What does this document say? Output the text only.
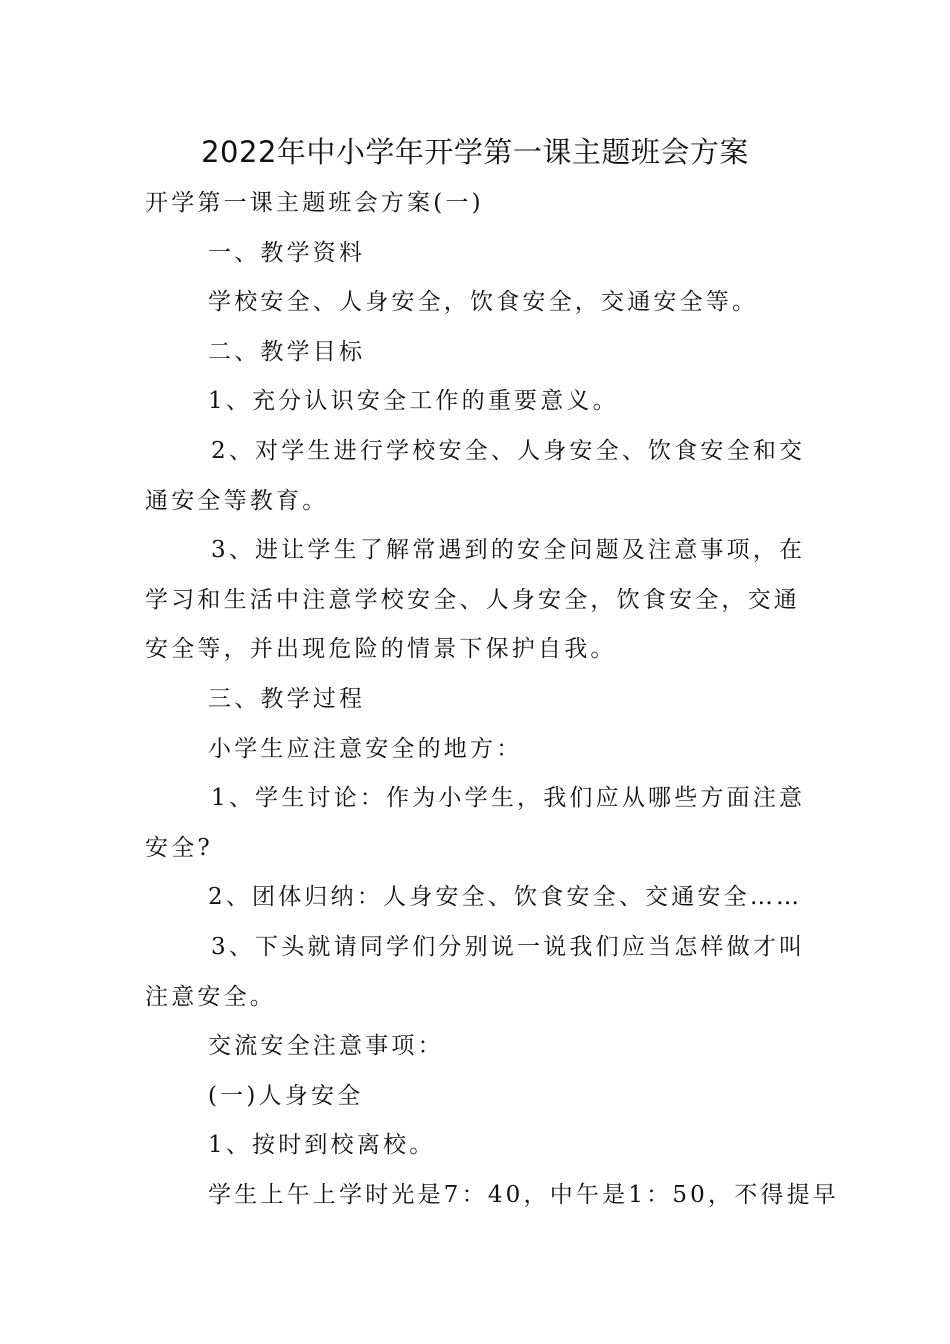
2022年中小学年开学第一课主题班会方案

开学第一课主题班会方案(一)

一、教学资料

学校安全、人身安全，饮食安全，交通安全等。

二、教学目标

1、充分认识安全工作的重要意义。

2、对学生进行学校安全、人身安全、饮食安全和交

通安全等教育。

3、进让学生了解常遇到的安全问题及注意事项，在

学习和生活中注意学校安全、人身安全，饮食安全，交通

安全等，并出现危险的情景下保护自我。

三、教学过程

小学生应注意安全的地方：

1、学生讨论：作为小学生，我们应从哪些方面注意

安全?

2、团体归纳：人身安全、饮食安全、交通安全……

3、下头就请同学们分别说一说我们应当怎样做才叫

注意安全。

交流安全注意事项：

(一)人身安全

1、按时到校离校。

学生上午上学时光是7：40，中午是1：50，不得提早
